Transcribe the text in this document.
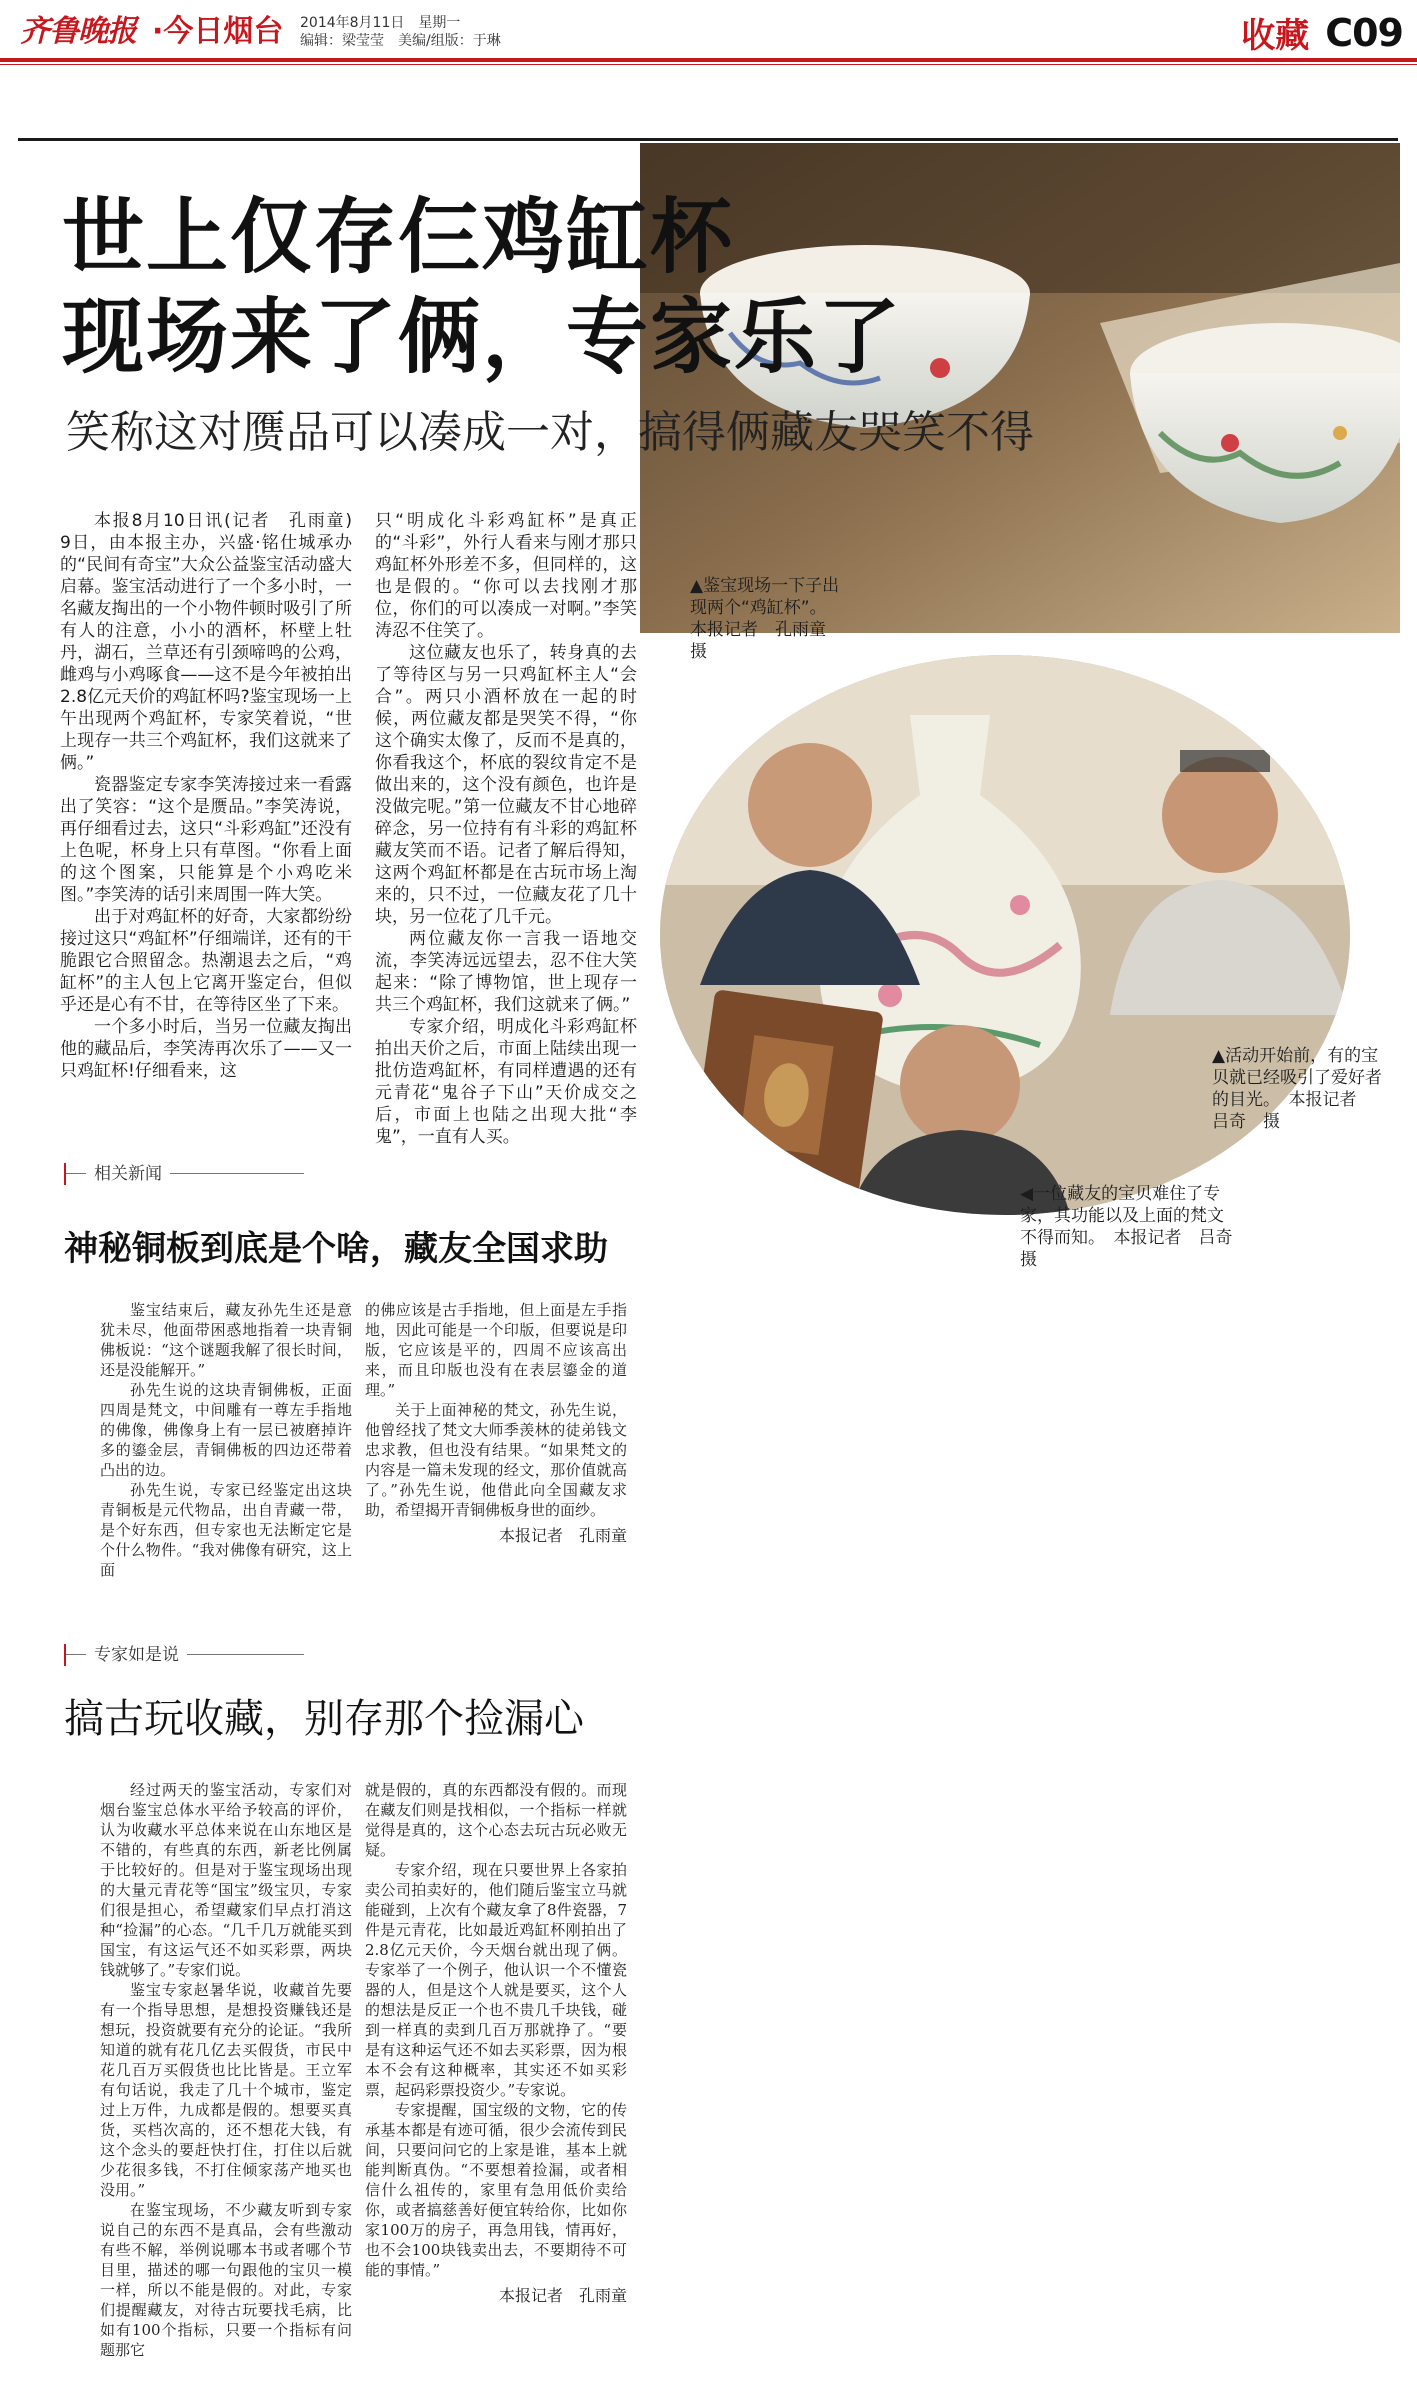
齐鲁晚报 ·今日烟台 2014年8月11日　星期一
编辑：梁莹莹　美编/组版：于琳	收藏 C09
世上仅存仨鸡缸杯
现场来了俩，专家乐了
笑称这对赝品可以凑成一对，搞得俩藏友哭笑不得

本报8月10日讯(记者　孔雨童)　9日，由本报主办，兴盛·铭仕城承办的“民间有奇宝”大众公益鉴宝活动盛大启幕。鉴宝活动进行了一个多小时，一名藏友掏出的一个小物件顿时吸引了所有人的注意，小小的酒杯，杯壁上牡丹，湖石，兰草还有引颈啼鸣的公鸡，雌鸡与小鸡啄食——这不是今年被拍出2.8亿元天价的鸡缸杯吗?鉴宝现场一上午出现两个鸡缸杯，专家笑着说，“世上现存一共三个鸡缸杯，我们这就来了俩。”

瓷器鉴定专家李笑涛接过来一看露出了笑容：“这个是赝品。”李笑涛说，再仔细看过去，这只“斗彩鸡缸”还没有上色呢，杯身上只有草图。“你看上面的这个图案，只能算是个小鸡吃米图。”李笑涛的话引来周围一阵大笑。

出于对鸡缸杯的好奇，大家都纷纷接过这只“鸡缸杯”仔细端详，还有的干脆跟它合照留念。热潮退去之后，“鸡缸杯”的主人包上它离开鉴定台，但似乎还是心有不甘，在等待区坐了下来。

一个多小时后，当另一位藏友掏出他的藏品后，李笑涛再次乐了——又一只鸡缸杯!仔细看来，这

只“明成化斗彩鸡缸杯”是真正的“斗彩”，外行人看来与刚才那只鸡缸杯外形差不多，但同样的，这也是假的。“你可以去找刚才那位，你们的可以凑成一对啊。”李笑涛忍不住笑了。

这位藏友也乐了，转身真的去了等待区与另一只鸡缸杯主人“会合”。两只小酒杯放在一起的时候，两位藏友都是哭笑不得，“你这个确实太像了，反而不是真的，你看我这个，杯底的裂纹肯定不是做出来的，这个没有颜色，也许是没做完呢。”第一位藏友不甘心地碎碎念，另一位持有有斗彩的鸡缸杯藏友笑而不语。记者了解后得知，这两个鸡缸杯都是在古玩市场上淘来的，只不过，一位藏友花了几十块，另一位花了几千元。

两位藏友你一言我一语地交流，李笑涛远远望去，忍不住大笑起来：“除了博物馆，世上现存一共三个鸡缸杯，我们这就来了俩。”

专家介绍，明成化斗彩鸡缸杯拍出天价之后，市面上陆续出现一批仿造鸡缸杯，有同样遭遇的还有元青花“鬼谷子下山”天价成交之后，市面上也陆之出现大批“李鬼”，一直有人买。

▲鉴宝现场一下子出现两个“鸡缸杯”。　本报记者　孔雨童　摄
▲活动开始前，有的宝贝就已经吸引了爱好者的目光。　本报记者　吕奇　摄
◀一位藏友的宝贝难住了专家，其功能以及上面的梵文不得而知。　本报记者　吕奇　摄
相关新闻
神秘铜板到底是个啥，藏友全国求助

鉴宝结束后，藏友孙先生还是意犹未尽，他面带困惑地指着一块青铜佛板说：“这个谜题我解了很长时间，还是没能解开。”

孙先生说的这块青铜佛板，正面四周是梵文，中间雕有一尊左手指地的佛像，佛像身上有一层已被磨掉许多的鎏金层，青铜佛板的四边还带着凸出的边。

孙先生说，专家已经鉴定出这块青铜板是元代物品，出自青藏一带，是个好东西，但专家也无法断定它是个什么物件。“我对佛像有研究，这上面

的佛应该是古手指地，但上面是左手指地，因此可能是一个印版，但要说是印版，它应该是平的，四周不应该高出来，而且印版也没有在表层鎏金的道理。”

关于上面神秘的梵文，孙先生说，他曾经找了梵文大师季羡林的徒弟钱文忠求教，但也没有结果。“如果梵文的内容是一篇未发现的经文，那价值就高了。”孙先生说，他借此向全国藏友求助，希望揭开青铜佛板身世的面纱。

本报记者　孔雨童
专家如是说
搞古玩收藏，别存那个捡漏心

经过两天的鉴宝活动，专家们对烟台鉴宝总体水平给予较高的评价，认为收藏水平总体来说在山东地区是不错的，有些真的东西，新老比例属于比较好的。但是对于鉴宝现场出现的大量元青花等“国宝”级宝贝，专家们很是担心，希望藏家们早点打消这种“捡漏”的心态。“几千几万就能买到国宝，有这运气还不如买彩票，两块钱就够了。”专家们说。

鉴宝专家赵暑华说，收藏首先要有一个指导思想，是想投资赚钱还是想玩，投资就要有充分的论证。“我所知道的就有花几亿去买假货，市民中花几百万买假货也比比皆是。王立军有句话说，我走了几十个城市，鉴定过上万件，九成都是假的。想要买真货，买档次高的，还不想花大钱，有这个念头的要赶快打住，打住以后就少花很多钱，不打住倾家荡产地买也没用。”

在鉴宝现场，不少藏友听到专家说自己的东西不是真品，会有些激动有些不解，举例说哪本书或者哪个节目里，描述的哪一句跟他的宝贝一模一样，所以不能是假的。对此，专家们提醒藏友，对待古玩要找毛病，比如有100个指标，只要一个指标有问题那它

就是假的，真的东西都没有假的。而现在藏友们则是找相似，一个指标一样就觉得是真的，这个心态去玩古玩必败无疑。

专家介绍，现在只要世界上各家拍卖公司拍卖好的，他们随后鉴宝立马就能碰到，上次有个藏友拿了8件瓷器，7件是元青花，比如最近鸡缸杯刚拍出了2.8亿元天价，今天烟台就出现了俩。专家举了一个例子，他认识一个不懂瓷器的人，但是这个人就是要买，这个人的想法是反正一个也不贵几千块钱，碰到一样真的卖到几百万那就挣了。“要是有这种运气还不如去买彩票，因为根本不会有这种概率，其实还不如买彩票，起码彩票投资少。”专家说。

专家提醒，国宝级的文物，它的传承基本都是有迹可循，很少会流传到民间，只要问问它的上家是谁，基本上就能判断真伪。“不要想着捡漏，或者相信什么祖传的，家里有急用低价卖给你，或者搞慈善好便宜转给你，比如你家100万的房子，再急用钱，情再好，也不会100块钱卖出去，不要期待不可能的事情。”

本报记者　孔雨童
